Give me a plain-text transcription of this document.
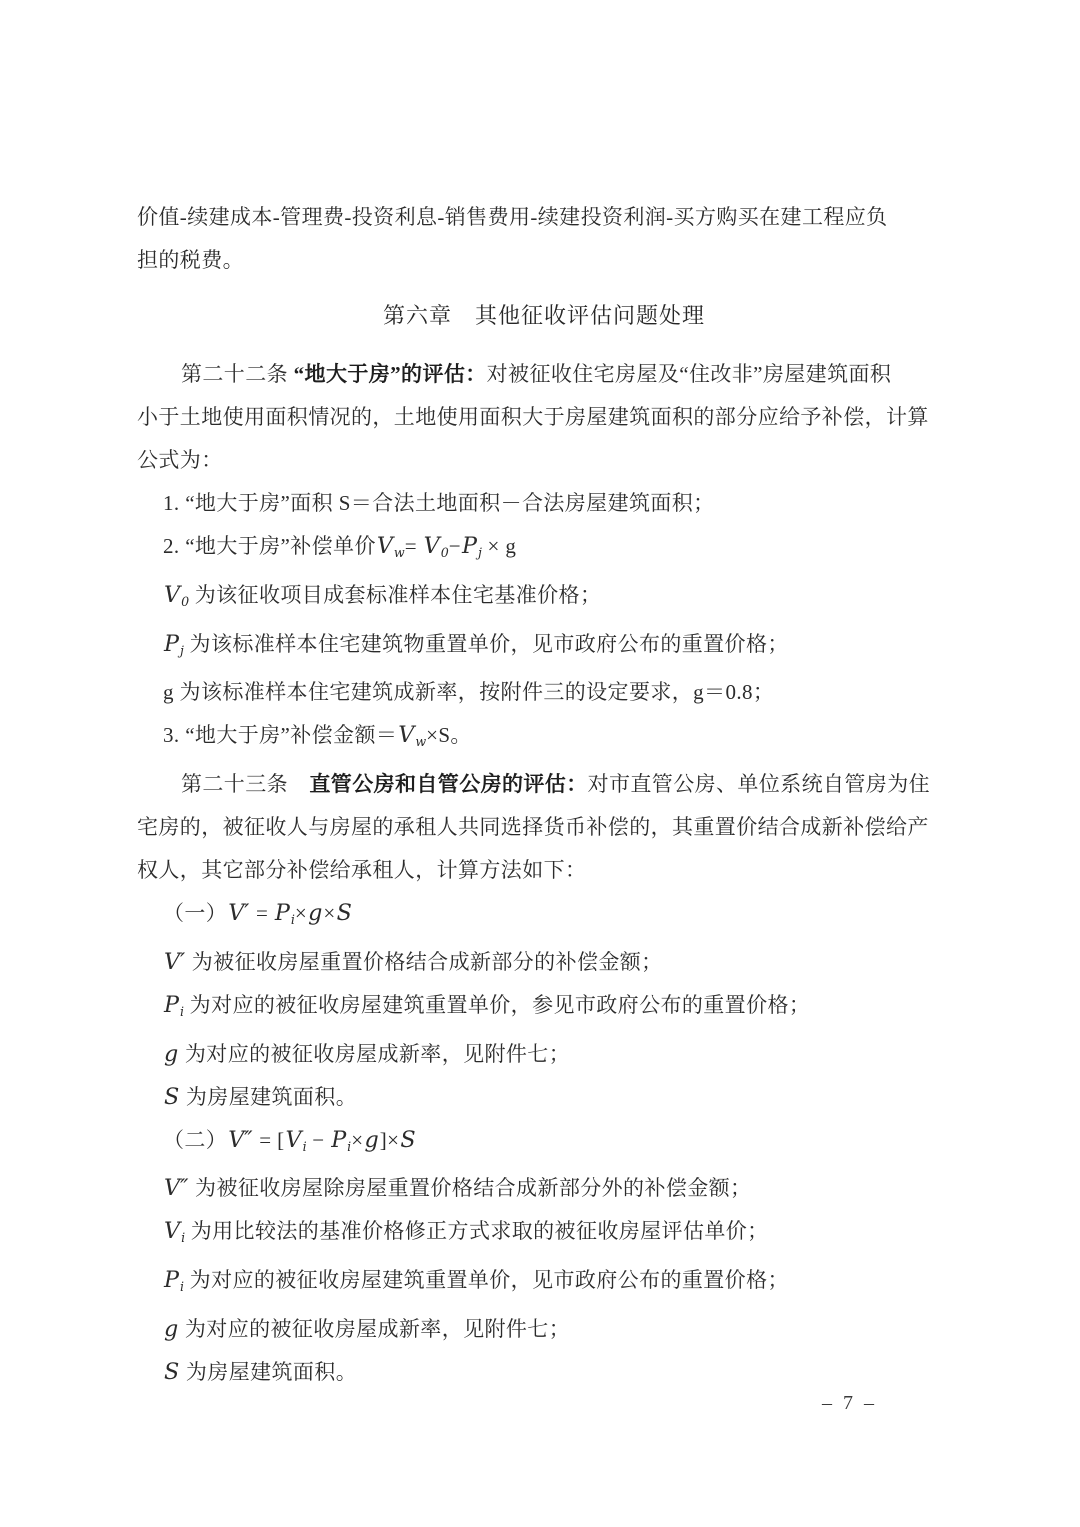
价值-续建成本-管理费-投资利息-销售费用-续建投资利润-买方购买在建工程应负
担的税费。
第六章　其他征收评估问题处理
第二十二条 “地大于房”的评估：对被征收住宅房屋及“住改非”房屋建筑面积
小于土地使用面积情况的，土地使用面积大于房屋建筑面积的部分应给予补偿，计算
公式为：
1. “地大于房”面积 S＝合法土地面积－合法房屋建筑面积；
2. “地大于房”补偿单价$V_w= V_0-P_j \times g$
$V_0$ 为该征收项目成套标准样本住宅基准价格；
$P_j$ 为该标准样本住宅建筑物重置单价，见市政府公布的重置价格；
g 为该标准样本住宅建筑成新率，按附件三的设定要求，g＝0.8；
3. “地大于房”补偿金额$=V_w\times S$。
第二十三条　直管公房和自管公房的评估：对市直管公房、单位系统自管房为住
宅房的，被征收人与房屋的承租人共同选择货币补偿的，其重置价结合成新补偿给产
权人，其它部分补偿给承租人，计算方法如下：
（一）$V' = P_i\times g\times S$
V′ 为被征收房屋重置价格结合成新部分的补偿金额；
$P_i$ 为对应的被征收房屋建筑重置单价，参见市政府公布的重置价格；
g 为对应的被征收房屋成新率，见附件七；
S 为房屋建筑面积。
（二）$V'' = [V_i - P_i\times g]\times S$
V″ 为被征收房屋除房屋重置价格结合成新部分外的补偿金额；
$V_i$ 为用比较法的基准价格修正方式求取的被征收房屋评估单价；
$P_i$ 为对应的被征收房屋建筑重置单价，见市政府公布的重置价格；
g 为对应的被征收房屋成新率，见附件七；
S 为房屋建筑面积。
– 7 –
